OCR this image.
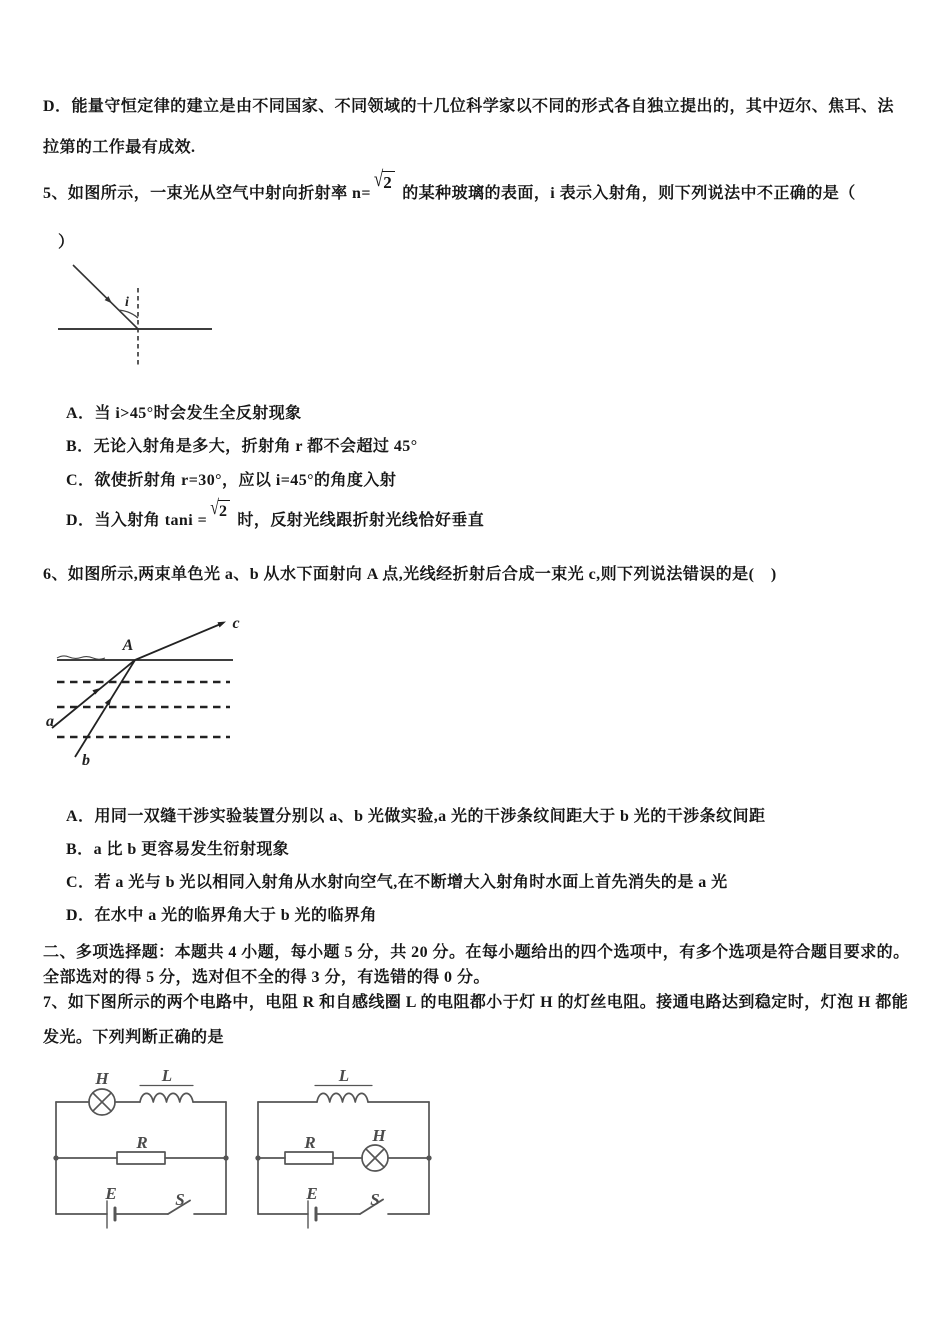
D．能量守恒定律的建立是由不同国家、不同领域的十几位科学家以不同的形式各自独立提出的，其中迈尔、焦耳、法
拉第的工作最有成效.
5、如图所示，一束光从空气中射向折射率 n=√2 的某种玻璃的表面，i 表示入射角，则下列说法中不正确的是（
）
i
A．当 i>45°时会发生全反射现象
B．无论入射角是多大，折射角 r 都不会超过 45°
C．欲使折射角 r=30°，应以 i=45°的角度入射
D．当入射角 tani =√2 时，反射光线跟折射光线恰好垂直
6、如图所示,两束单色光 a、b 从水下面射向 A 点,光线经折射后合成一束光 c,则下列说法错误的是(　)
A
a
b
c
A．用同一双缝干涉实验装置分别以 a、b 光做实验,a 光的干涉条纹间距大于 b 光的干涉条纹间距
B．a 比 b 更容易发生衍射现象
C．若 a 光与 b 光以相同入射角从水射向空气,在不断增大入射角时水面上首先消失的是 a 光
D．在水中 a 光的临界角大于 b 光的临界角
二、多项选择题：本题共 4 小题，每小题 5 分，共 20 分。在每小题给出的四个选项中，有多个选项是符合题目要求的。
全部选对的得 5 分，选对但不全的得 3 分，有选错的得 0 分。
7、如下图所示的两个电路中，电阻 R 和自感线圈 L 的电阻都小于灯 H 的灯丝电阻。接通电路达到稳定时，灯泡 H 都能
发光。下列判断正确的是
H	L
R
E	S
L
R	H
E	S
